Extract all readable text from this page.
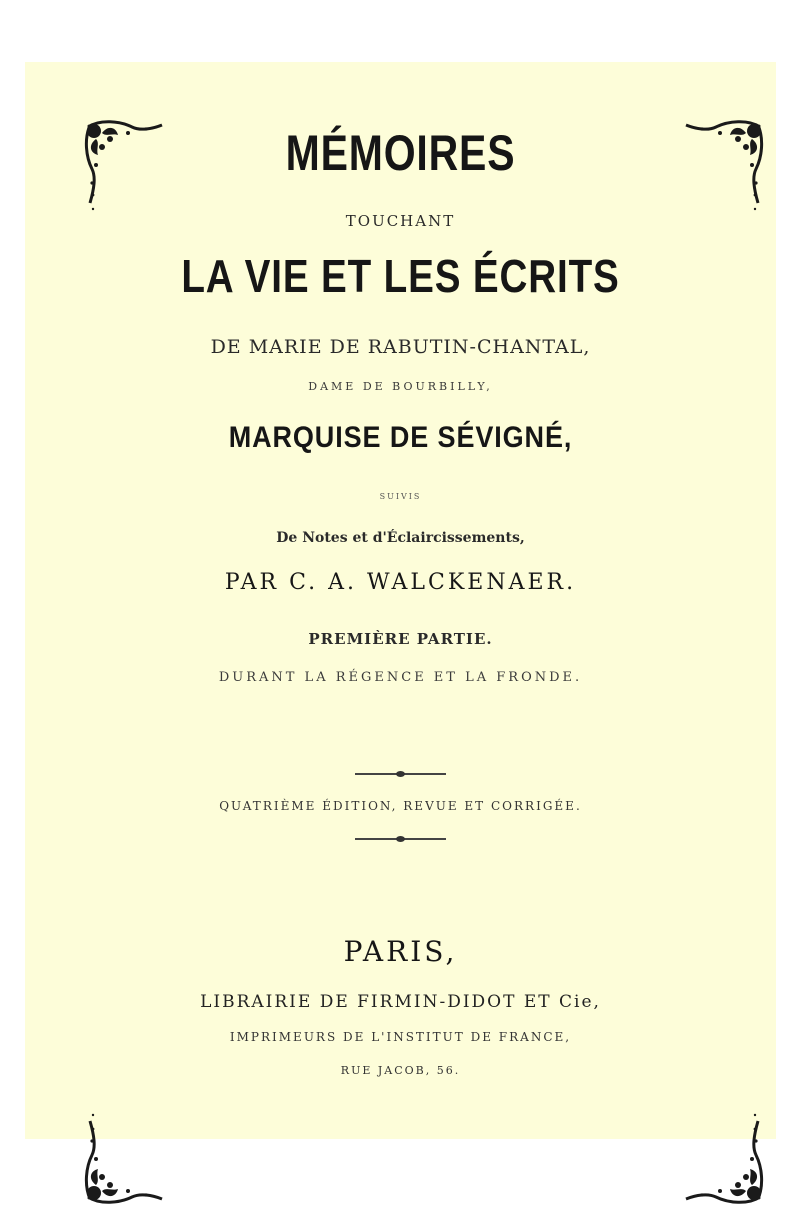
MÉMOIRES
TOUCHANT
LA VIE ET LES ÉCRITS
DE MARIE DE RABUTIN-CHANTAL,
DAME DE BOURBILLY,
MARQUISE DE SÉVIGNÉ,
SUIVIS
De Notes et d'Éclaircissements,
PAR C. A. WALCKENAER.
PREMIÈRE PARTIE.
DURANT LA RÉGENCE ET LA FRONDE.
QUATRIÈME ÉDITION, REVUE ET CORRIGÉE.
PARIS,
LIBRAIRIE DE FIRMIN-DIDOT ET Cie,
IMPRIMEURS DE L'INSTITUT DE FRANCE,
RUE JACOB, 56.
